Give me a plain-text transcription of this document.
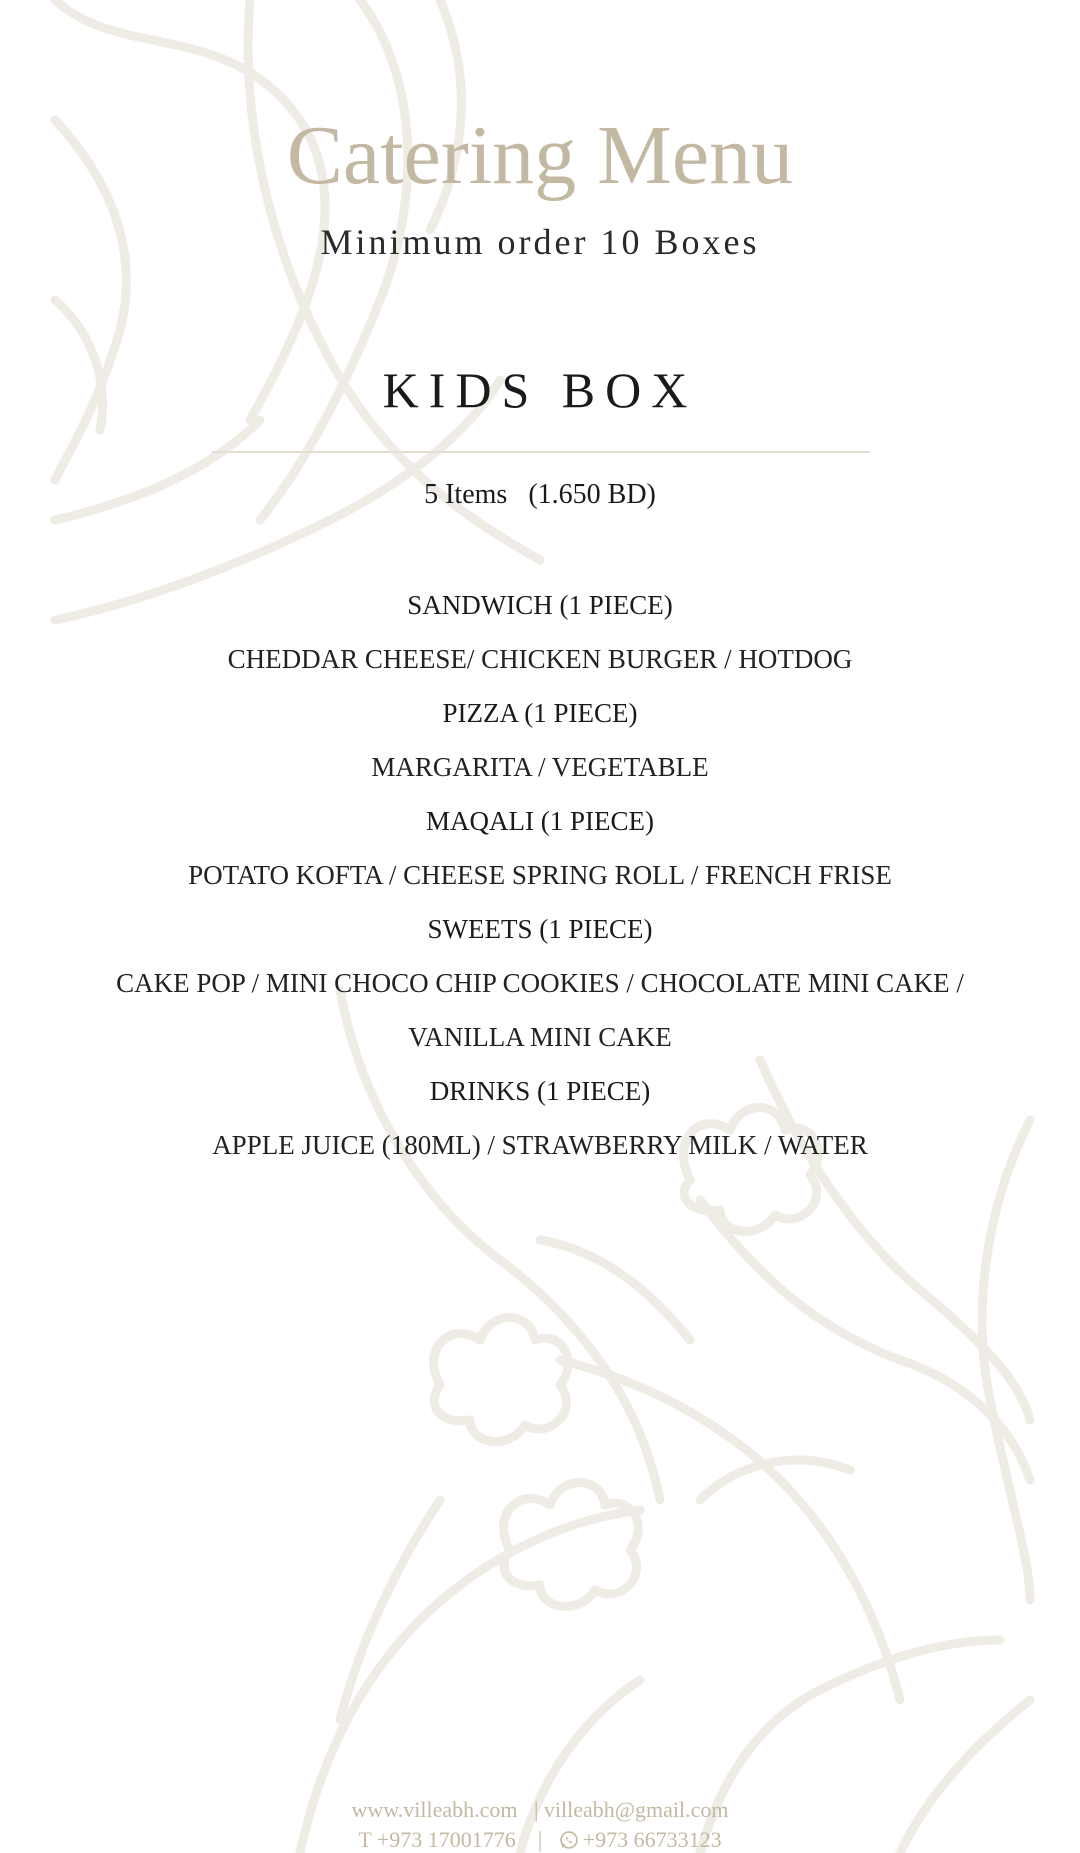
Catering Menu
Minimum order 10 Boxes
KIDS BOX
5 Items   (1.650 BD)
SANDWICH (1 PIECE)
CHEDDAR CHEESE/ CHICKEN BURGER / HOTDOG
PIZZA (1 PIECE)
MARGARITA / VEGETABLE
MAQALI (1 PIECE)
POTATO KOFTA / CHEESE SPRING ROLL / FRENCH FRISE
SWEETS (1 PIECE)
CAKE POP / MINI CHOCO CHIP COOKIES / CHOCOLATE MINI CAKE /
VANILLA MINI CAKE
DRINKS (1 PIECE)
APPLE JUICE (180ML) / STRAWBERRY MILK / WATER
www.villeabh.com | villeabh@gmail.com
T +973 17001776 | +973 66733123
